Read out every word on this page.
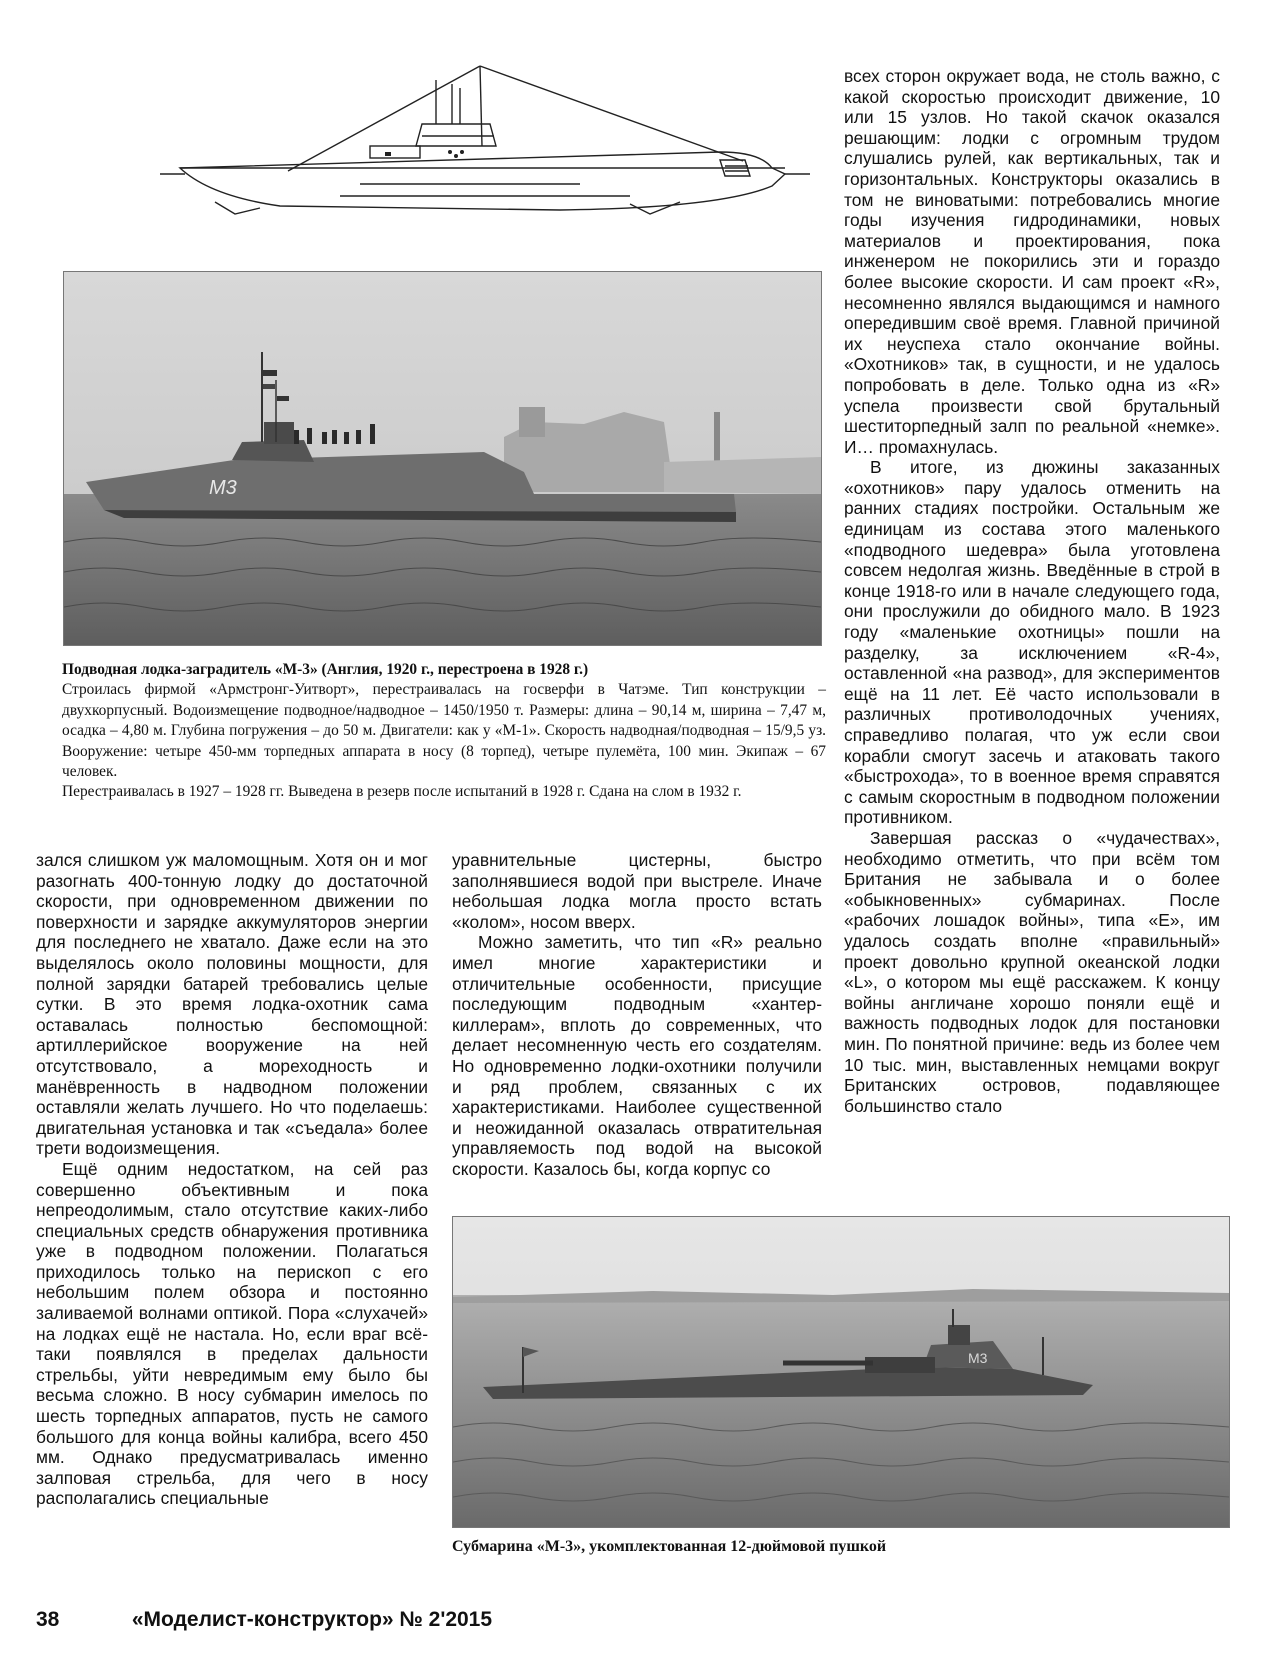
М3
Подводная лодка-заградитель «М-3» (Англия, 1920 г., перестроена в 1928 г.)
Строилась фирмой «Армстронг-Уитворт», перестраивалась на госверфи в Чатэме. Тип конструкции – двухкорпусный. Водоизмещение подводное/надводное – 1450/1950 т. Размеры: длина – 90,14 м, ширина – 7,47 м, осадка – 4,80 м. Глубина погружения – до 50 м. Двигатели: как у «М-1». Скорость надводная/подводная – 15/9,5 уз. Вооружение: четыре 450-мм торпедных аппарата в носу (8 торпед), четыре пулемёта, 100 мин. Экипаж – 67 человек.
Перестраивалась в 1927 – 1928 гг. Выведена в резерв после испытаний в 1928 г. Сдана на слом в 1932 г.

всех сторон окружает вода, не столь важно, с какой скоростью происходит движение, 10 или 15 узлов. Но такой скачок оказался решающим: лодки с огромным трудом слушались рулей, как вертикальных, так и горизонтальных. Конструкторы оказались в том не виноватыми: потребовались многие годы изучения гидродинамики, новых материалов и проектирования, пока инженером не покорились эти и гораздо более высокие скорости. И сам проект «R», несомненно являлся выдающимся и намного опередившим своё время. Главной причиной их неуспеха стало окончание войны. «Охотников» так, в сущности, и не удалось попробовать в деле. Только одна из «R» успела произвести свой брутальный шеститорпедный залп по реальной «немке». И… промахнулась.

В итоге, из дюжины заказанных «охотников» пару удалось отменить на ранних стадиях постройки. Остальным же единицам из состава этого маленького «подводного шедевра» была уготовлена совсем недолгая жизнь. Введённые в строй в конце 1918-го или в начале следующего года, они прослужили до обидного мало. В 1923 году «маленькие охотницы» пошли на разделку, за исключением «R-4», оставленной «на развод», для экспериментов ещё на 11 лет. Её часто использовали в различных противолодочных учениях, справедливо полагая, что уж если свои корабли смогут засечь и атаковать такого «быстрохода», то в военное время справятся с самым скоростным в подводном положении противником.

Завершая рассказ о «чудачествах», необходимо отметить, что при всём том Британия не забывала и о более «обыкновенных» субмаринах. После «рабочих лошадок войны», типа «Е», им удалось создать вполне «правильный» проект довольно крупной океанской лодки «L», о котором мы ещё расскажем. К концу войны англичане хорошо поняли ещё и важность подводных лодок для постановки мин. По понятной причине: ведь из более чем 10 тыс. мин, выставленных немцами вокруг Британских островов, подавляющее большинство стало

зался слишком уж маломощным. Хотя он и мог разогнать 400-тонную лодку до достаточной скорости, при одновременном движении по поверхности и зарядке аккумуляторов энергии для последнего не хватало. Даже если на это выделялось около половины мощности, для полной зарядки батарей требовались целые сутки. В это время лодка-охотник сама оставалась полностью беспомощной: артиллерийское вооружение на ней отсутствовало, а мореходность и манёвренность в надводном положении оставляли желать лучшего. Но что поделаешь: двигательная установка и так «съедала» более трети водоизмещения.

Ещё одним недостатком, на сей раз совершенно объективным и пока непреодолимым, стало отсутствие каких-либо специальных средств обнаружения противника уже в подводном положении. Полагаться приходилось только на перископ с его небольшим полем обзора и постоянно заливаемой волнами оптикой. Пора «слухачей» на лодках ещё не настала. Но, если враг всё-таки появлялся в пределах дальности стрельбы, уйти невредимым ему было бы весьма сложно. В носу субмарин имелось по шесть торпедных аппаратов, пусть не самого большого для конца войны калибра, всего 450 мм. Однако предусматривалась именно залповая стрельба, для чего в носу располагались специальные

уравнительные цистерны, быстро заполнявшиеся водой при выстреле. Иначе небольшая лодка могла просто встать «колом», носом вверх.

Можно заметить, что тип «R» реально имел многие характеристики и отличительные особенности, присущие последующим подводным «хантер-киллерам», вплоть до современных, что делает несомненную честь его создателям. Но одновременно лодки-охотники получили и ряд проблем, связанных с их характеристиками. Наиболее существенной и неожиданной оказалась отвратительная управляемость под водой на высокой скорости. Казалось бы, когда корпус со

М3
Субмарина «М-3», укомплектованная 12-дюймовой пушкой
38	«Моделист-конструктор» № 2'2015
